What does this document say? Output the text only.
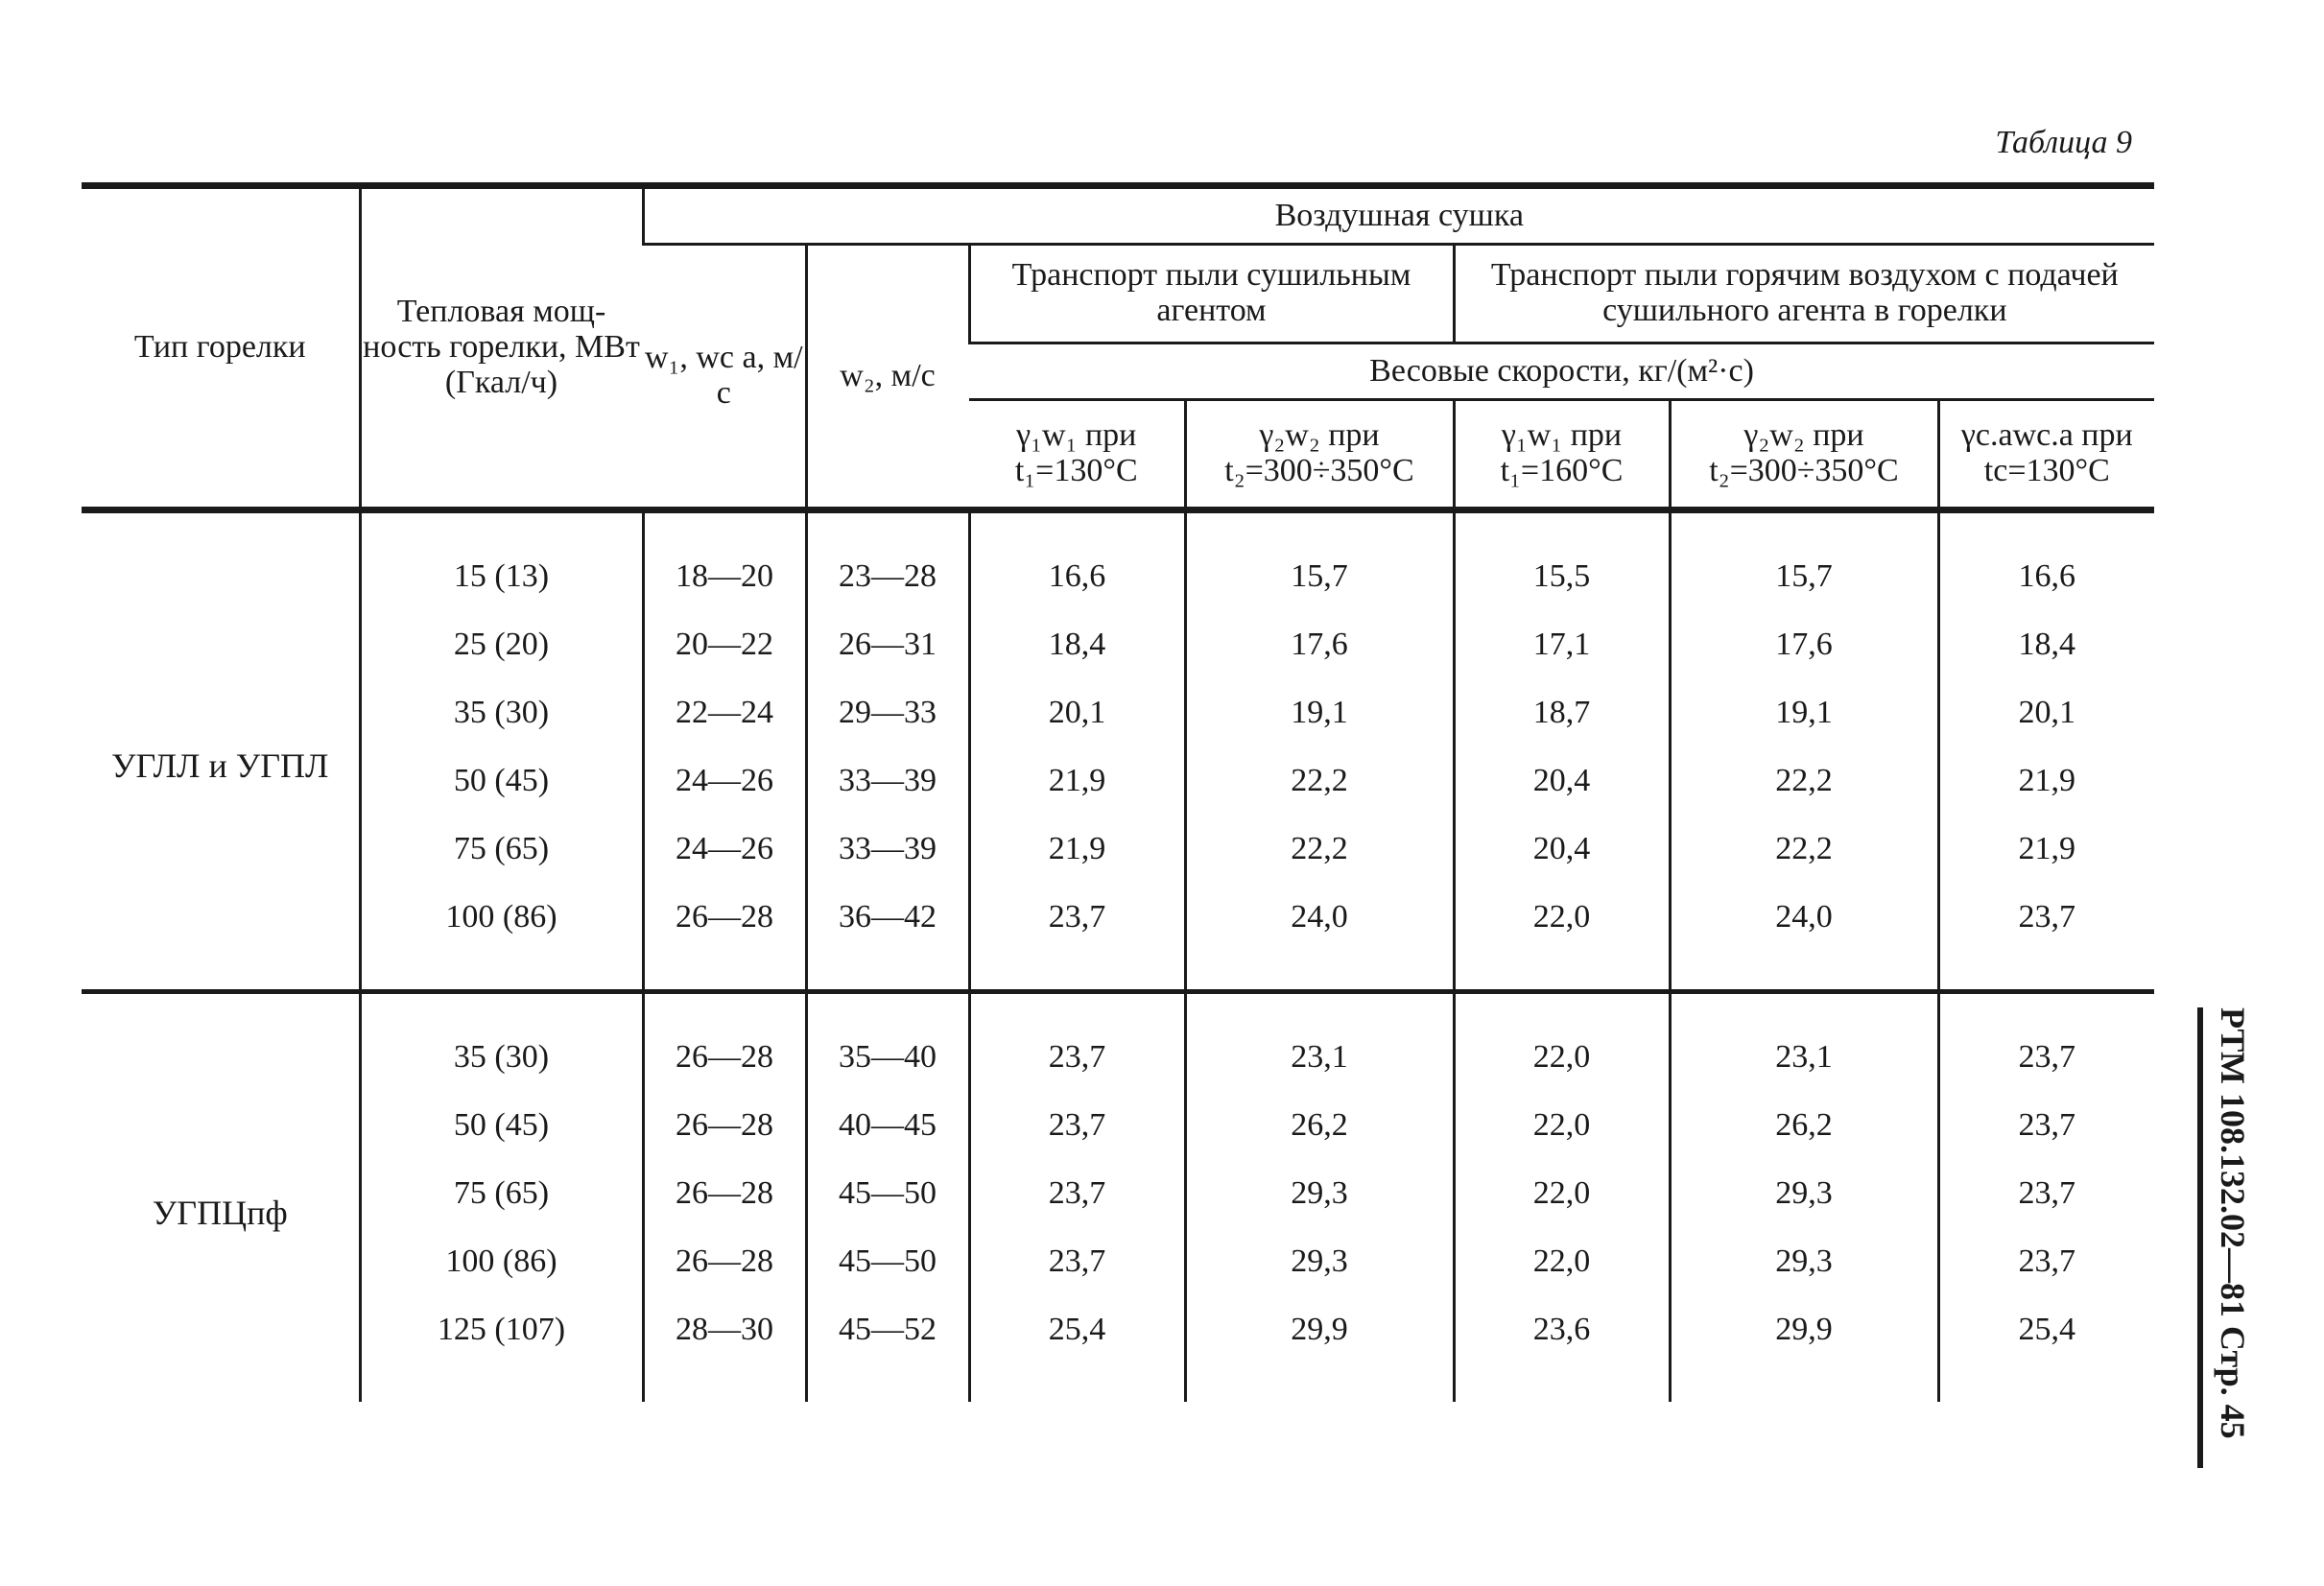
Таблица 9
Тип горелки	Тепловая мощ-ность горелки, МВт (Гкал/ч)	Воздушная сушка						
		w₁, wс а, м/с	w₂, м/с	Транспорт пыли сушильным агентом		Транспорт пыли горячим воздухом с подачей сушильного агента в горелки		
				Весовые скорости, кг/(м²·с)				
				γ₁w₁ при t₁=130°C	γ₂w₂ при t₂=300÷350°C	γ₁w₁ при t₁=160°C	γ₂w₂ при t₂=300÷350°C	γс.аwс.а при tс=130°C
УГЛЛ и УГПЛ	15 (13)	18—20	23—28	16,6	15,7	15,5	15,7	16,6
	25 (20)	20—22	26—31	18,4	17,6	17,1	17,6	18,4
	35 (30)	22—24	29—33	20,1	19,1	18,7	19,1	20,1
	50 (45)	24—26	33—39	21,9	22,2	20,4	22,2	21,9
	75 (65)	24—26	33—39	21,9	22,2	20,4	22,2	21,9
	100 (86)	26—28	36—42	23,7	24,0	22,0	24,0	23,7
УГПЦпф	35 (30)	26—28	35—40	23,7	23,1	22,0	23,1	23,7
	50 (45)	26—28	40—45	23,7	26,2	22,0	26,2	23,7
	75 (65)	26—28	45—50	23,7	29,3	22,0	29,3	23,7
	100 (86)	26—28	45—50	23,7	29,3	22,0	29,3	23,7
	125 (107)	28—30	45—52	25,4	29,9	23,6	29,9	25,4	РТМ 108.132.02—81 Стр. 45
